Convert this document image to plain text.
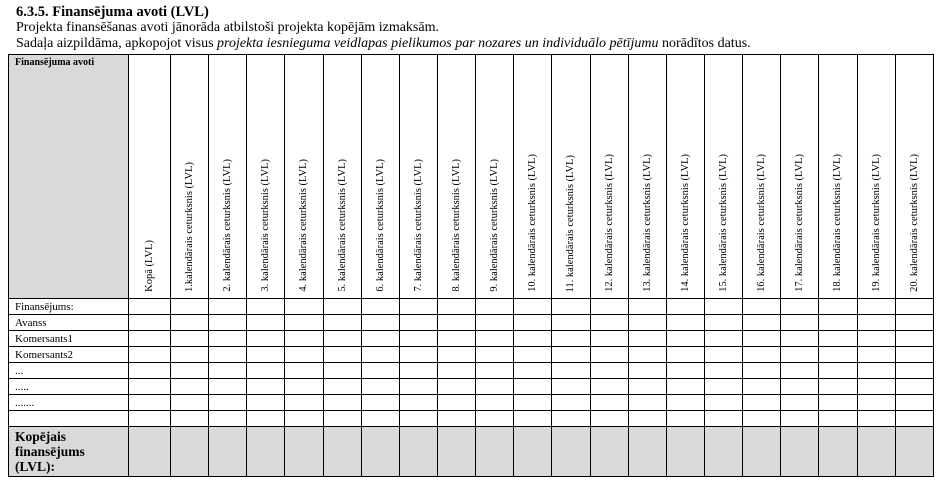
6.3.5. Finansējuma avoti (LVL)
Projekta finansēšanas avoti jānorāda atbilstoši projekta kopējām izmaksām.
Sadaļa aizpildāma, apkopojot visus projekta iesnieguma veidlapas pielikumos par nozares un individuālo pētījumu norādītos datus.
Finansējuma avoti	Kopā (LVL)	1.kalendārais ceturksnis (LVL)	2. kalendārais ceturksnis (LVL)	3. kalendārais ceturksnis (LVL)	4. kalendārais ceturksnis (LVL)	5. kalendārais ceturksnis (LVL)	6. kalendārais ceturksnis (LVL)	7. kalendārais ceturksnis (LVL)	8. kalendārais ceturksnis (LVL)	9. kalendārais ceturksnis (LVL)	10. kalendārais ceturksnis (LVL)	11. kalendārais ceturksnis (LVL)	12. kalendārais ceturksnis (LVL)	13. kalendārais ceturksnis (LVL)	14. kalendārais ceturksnis (LVL)	15. kalendārais ceturksnis (LVL)	16. kalendārais ceturksnis (LVL)	17. kalendārais ceturksnis (LVL)	18. kalendārais ceturksnis (LVL)	19. kalendārais ceturksnis (LVL)	20. kalendārais ceturksnis (LVL)

Finansējums:																					
Avanss																					
Komersants1																					
Komersants2																					
...																					
.....																					
.......																					

Kopējais finansējums (LVL):																					
